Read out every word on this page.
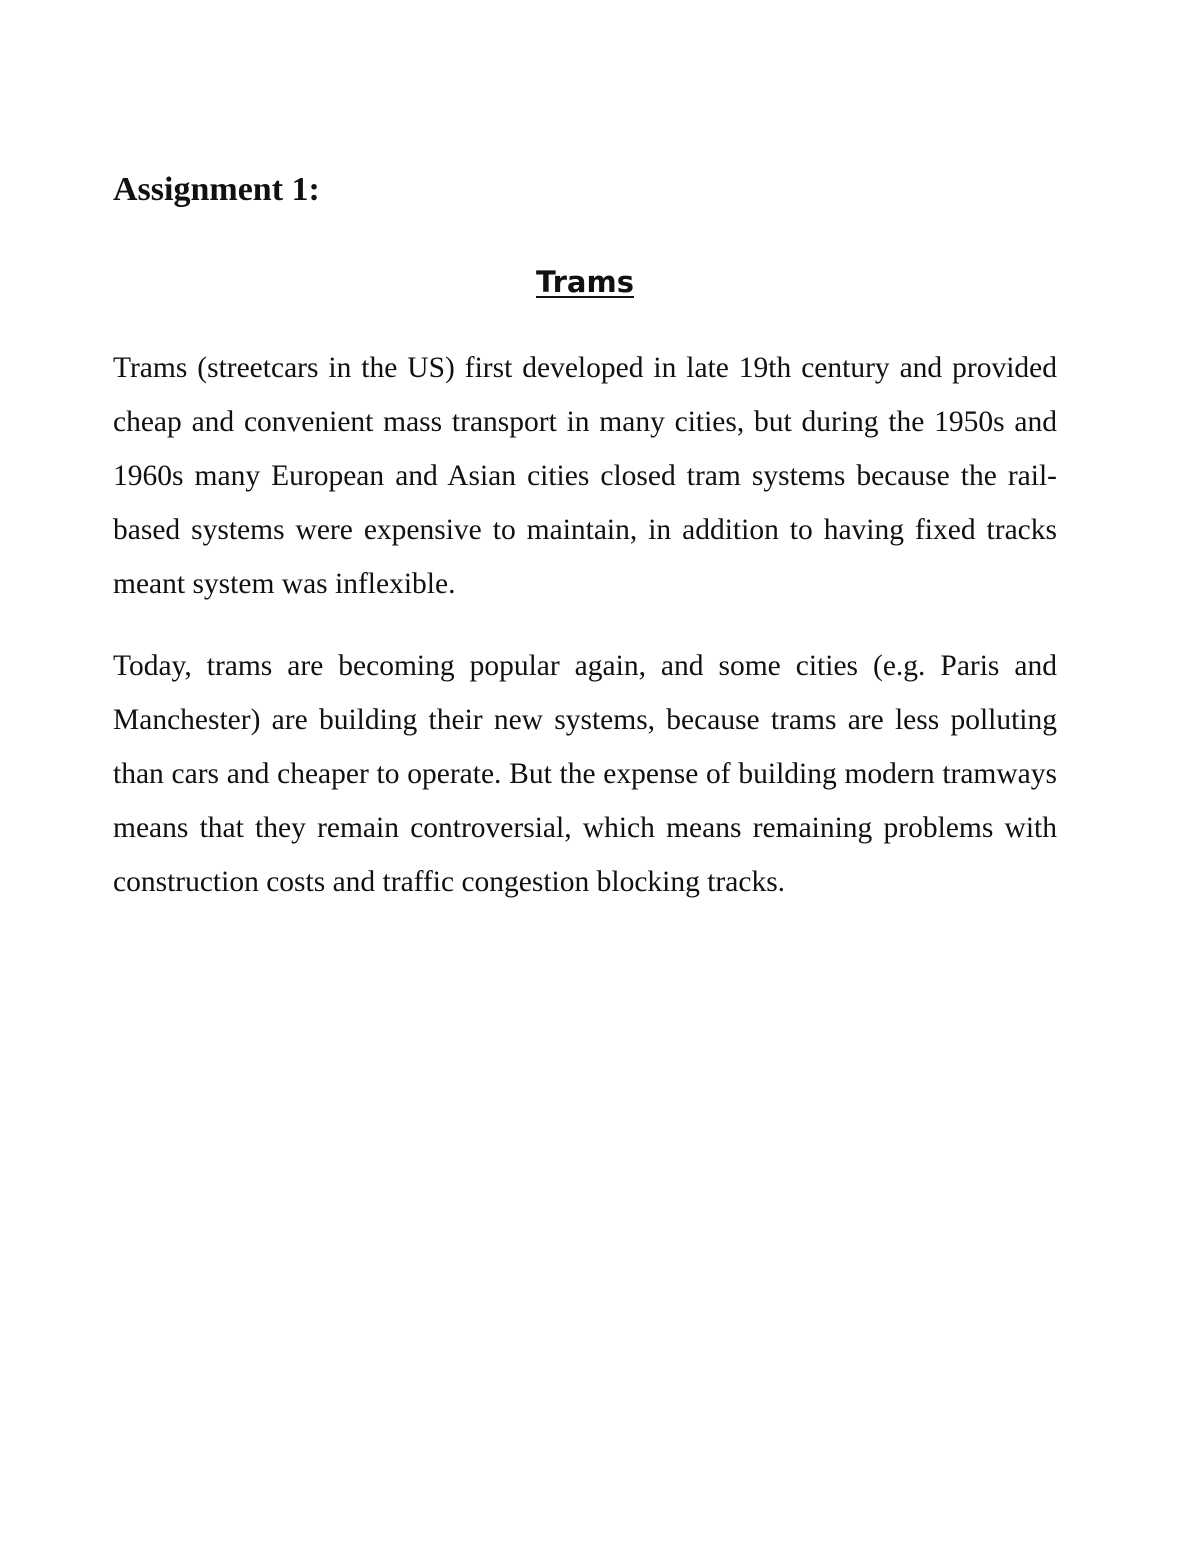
Assignment 1:
Trams

Trams (streetcars in the US) first developed in late 19th century and provided cheap and convenient mass transport in many cities, but during the 1950s and 1960s many European and Asian cities closed tram systems because the rail-based systems were expensive to maintain, in addition to having fixed tracks meant system was inflexible.

Today, trams are becoming popular again, and some cities (e.g. Paris and Manchester) are building their new systems, because trams are less polluting than cars and cheaper to operate. But the expense of building modern tramways means that they remain controversial, which means remaining problems with construction costs and traffic congestion blocking tracks.
